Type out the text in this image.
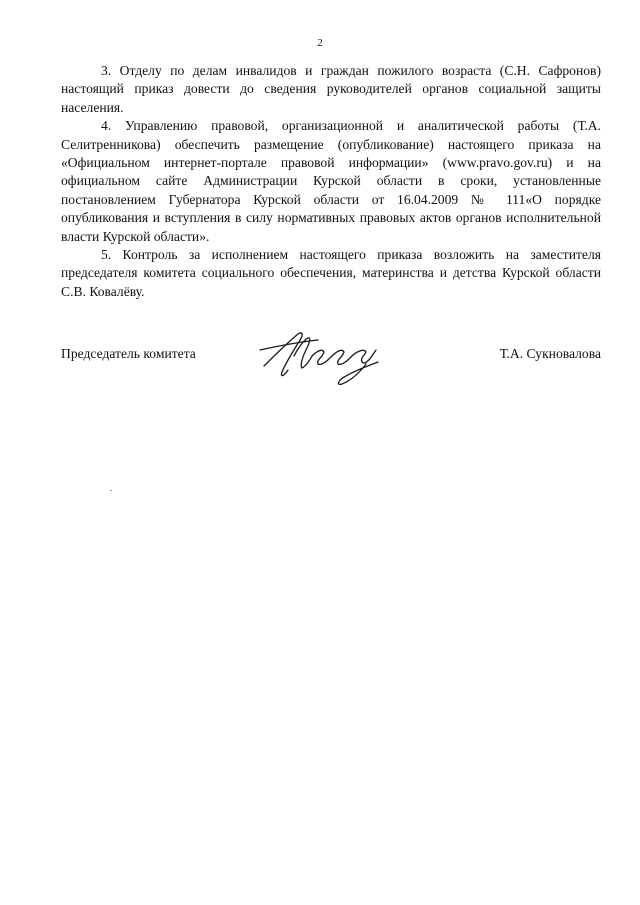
2

3. Отделу по делам инвалидов и граждан пожилого возраста (С.Н. Сафронов) настоящий приказ довести до сведения руководителей органов социальной защиты населения.

4. Управлению правовой, организационной и аналитической работы (Т.А. Селитренникова) обеспечить размещение (опубликование) настоящего приказа на «Официальном интернет-портале правовой информации» (www.pravo.gov.ru) и на официальном сайте Администрации Курской области в сроки, установленные постановлением Губернатора Курской области от 16.04.2009 № 111«О порядке опубликования и вступления в силу нормативных правовых актов органов исполнительной власти Курской области».

5. Контроль за исполнением настоящего приказа возложить на заместителя председателя комитета социального обеспечения, материнства и детства Курской области С.В. Ковалёву.

Председатель комитета	Т.А. Сукновалова
